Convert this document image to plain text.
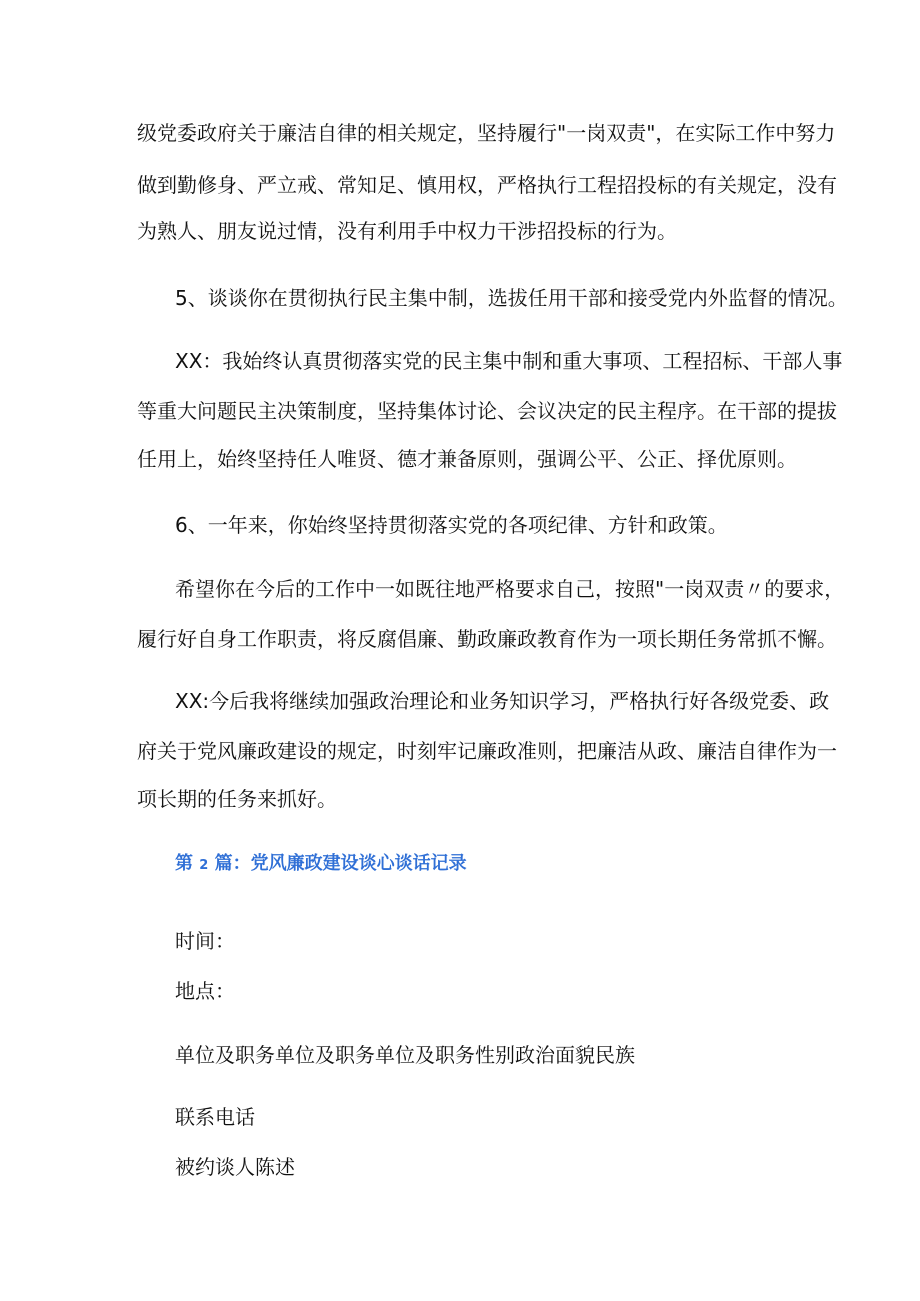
级党委政府关于廉洁自律的相关规定，坚持履行"一岗双责"，在实际工作中努力
做到勤修身、严立戒、常知足、慎用权，严格执行工程招投标的有关规定，没有
为熟人、朋友说过情，没有利用手中权力干涉招投标的行为。
5、谈谈你在贯彻执行民主集中制，选拔任用干部和接受党内外监督的情况。
XX：我始终认真贯彻落实党的民主集中制和重大事项、工程招标、干部人事
等重大问题民主决策制度，坚持集体讨论、会议决定的民主程序。在干部的提拔
任用上，始终坚持任人唯贤、德才兼备原则，强调公平、公正、择优原则。
6、一年来，你始终坚持贯彻落实党的各项纪律、方针和政策。
希望你在今后的工作中一如既往地严格要求自己，按照"一岗双责〃的要求，
履行好自身工作职责，将反腐倡廉、勤政廉政教育作为一项长期任务常抓不懈。
XX:今后我将继续加强政治理论和业务知识学习，严格执行好各级党委、政
府关于党风廉政建设的规定，时刻牢记廉政准则，把廉洁从政、廉洁自律作为一
项长期的任务来抓好。
第 2 篇：党风廉政建设谈心谈话记录
时间：
地点：
单位及职务单位及职务单位及职务性别政治面貌民族
联系电话
被约谈人陈述
